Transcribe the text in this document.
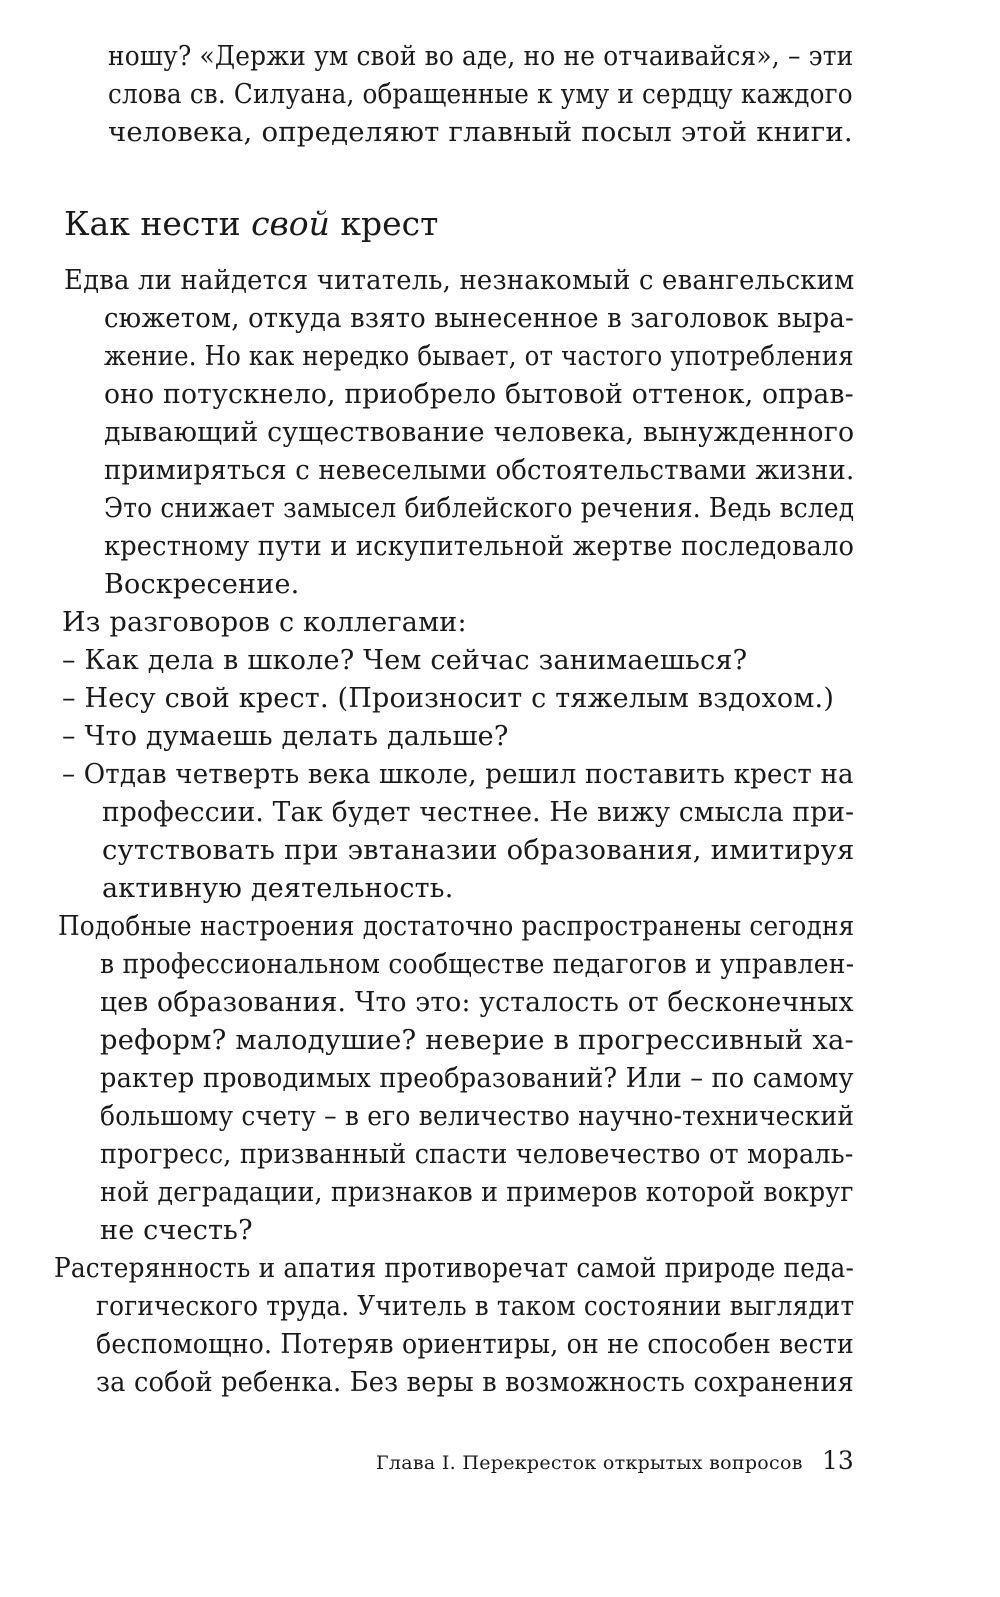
ношу? «Держи ум свой во аде, но не отчаивайся», – эти
слова св. Силуана, обращенные к уму и сердцу каждого
человека, определяют главный посыл этой книги.
Как нести свой крест
Едва ли найдется читатель, незнакомый с евангельским
сюжетом, откуда взято вынесенное в заголовок выра-
жение. Но как нередко бывает, от частого употребления
оно потускнело, приобрело бытовой оттенок, оправ-
дывающий существование человека, вынужденного
примиряться с невеселыми обстоятельствами жизни.
Это снижает замысел библейского речения. Ведь вслед
крестному пути и искупительной жертве последовало
Воскресение.
Из разговоров с коллегами:
– Как дела в школе? Чем сейчас занимаешься?
– Несу свой крест. (Произносит с тяжелым вздохом.)
– Что думаешь делать дальше?
– Отдав четверть века школе, решил поставить крест на
профессии. Так будет честнее. Не вижу смысла при-
сутствовать при эвтаназии образования, имитируя
активную деятельность.
Подобные настроения достаточно распространены сегодня
в профессиональном сообществе педагогов и управлен-
цев образования. Что это: усталость от бесконечных
реформ? малодушие? неверие в прогрессивный ха-
рактер проводимых преобразований? Или – по самому
большому счету – в его величество научно-технический
прогресс, призванный спасти человечество от мораль-
ной деградации, признаков и примеров которой вокруг
не счесть?
Растерянность и апатия противоречат самой природе педа-
гогического труда. Учитель в таком состоянии выглядит
беспомощно. Потеряв ориентиры, он не способен вести
за собой ребенка. Без веры в возможность сохранения
Глава I. Перекресток открытых вопросов 13
